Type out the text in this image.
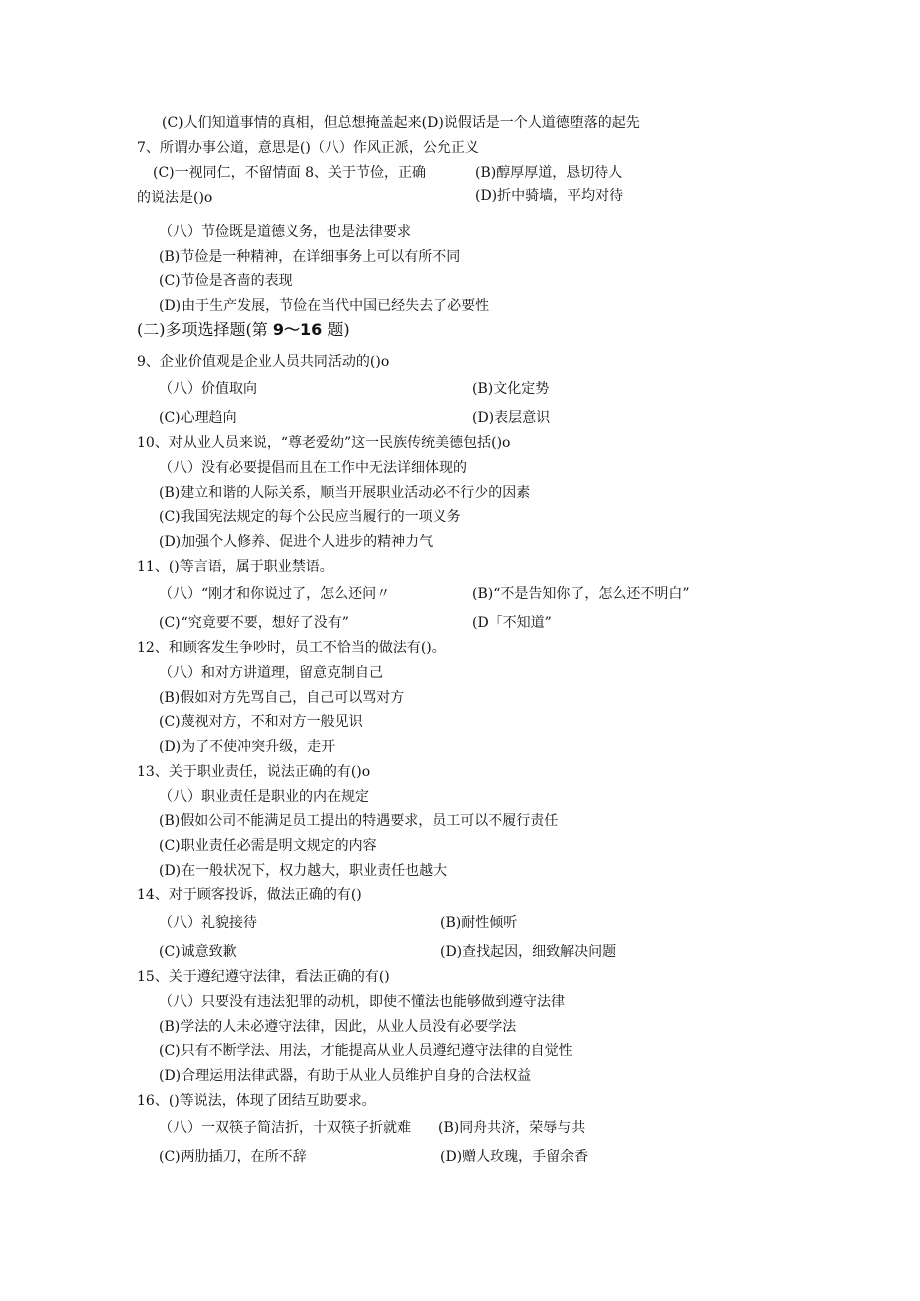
(C)人们知道事情的真相，但总想掩盖起来(D)说假话是一个人道德堕落的起先
7、所谓办事公道，意思是()（八）作风正派，公允正义
(C)一视同仁，不留情面 8、关于节俭，正确	(B)醇厚厚道，恳切待人
的说法是()o	(D)折中骑墙，平均对待
（八）节俭既是道德义务，也是法律要求
(B)节俭是一种精神，在详细事务上可以有所不同
(C)节俭是吝啬的表现
(D)由于生产发展，节俭在当代中国已经失去了必要性
(二)多项选择题(第 9〜16 题)
9、企业价值观是企业人员共同活动的()o
（八）价值取向	(B)文化定势
(C)心理趋向	(D)表层意识
10、对从业人员来说，“尊老爱幼”这一民族传统美德包括()o
（八）没有必要提倡而且在工作中无法详细体现的
(B)建立和谐的人际关系，顺当开展职业活动必不行少的因素
(C)我国宪法规定的每个公民应当履行的一项义务
(D)加强个人修养、促进个人进步的精神力气
11、()等言语，属于职业禁语。
（八）“刚才和你说过了，怎么还问〃	(B)“不是告知你了，怎么还不明白”
(C)“究竟要不要，想好了没有”	(D「不知道”
12、和顾客发生争吵时，员工不恰当的做法有()。
（八）和对方讲道理，留意克制自己
(B)假如对方先骂自己，自己可以骂对方
(C)蔑视对方，不和对方一般见识
(D)为了不使冲突升级，走开
13、关于职业责任，说法正确的有()o
（八）职业责任是职业的内在规定
(B)假如公司不能满足员工提出的特遇要求，员工可以不履行责任
(C)职业责任必需是明文规定的内容
(D)在一般状况下，权力越大，职业责任也越大
14、对于顾客投诉，做法正确的有()
（八）礼貌接待	(B)耐性倾听
(C)诚意致歉	(D)查找起因，细致解决问题
15、关于遵纪遵守法律，看法正确的有()
（八）只要没有违法犯罪的动机，即使不懂法也能够做到遵守法律
(B)学法的人未必遵守法律，因此，从业人员没有必要学法
(C)只有不断学法、用法，才能提高从业人员遵纪遵守法律的自觉性
(D)合理运用法律武器，有助于从业人员维护自身的合法权益
16、()等说法，体现了团结互助要求。
（八）一双筷子简洁折，十双筷子折就难 (B)同舟共济，荣辱与共
(C)两肋插刀，在所不辞	(D)赠人玫瑰，手留余香
